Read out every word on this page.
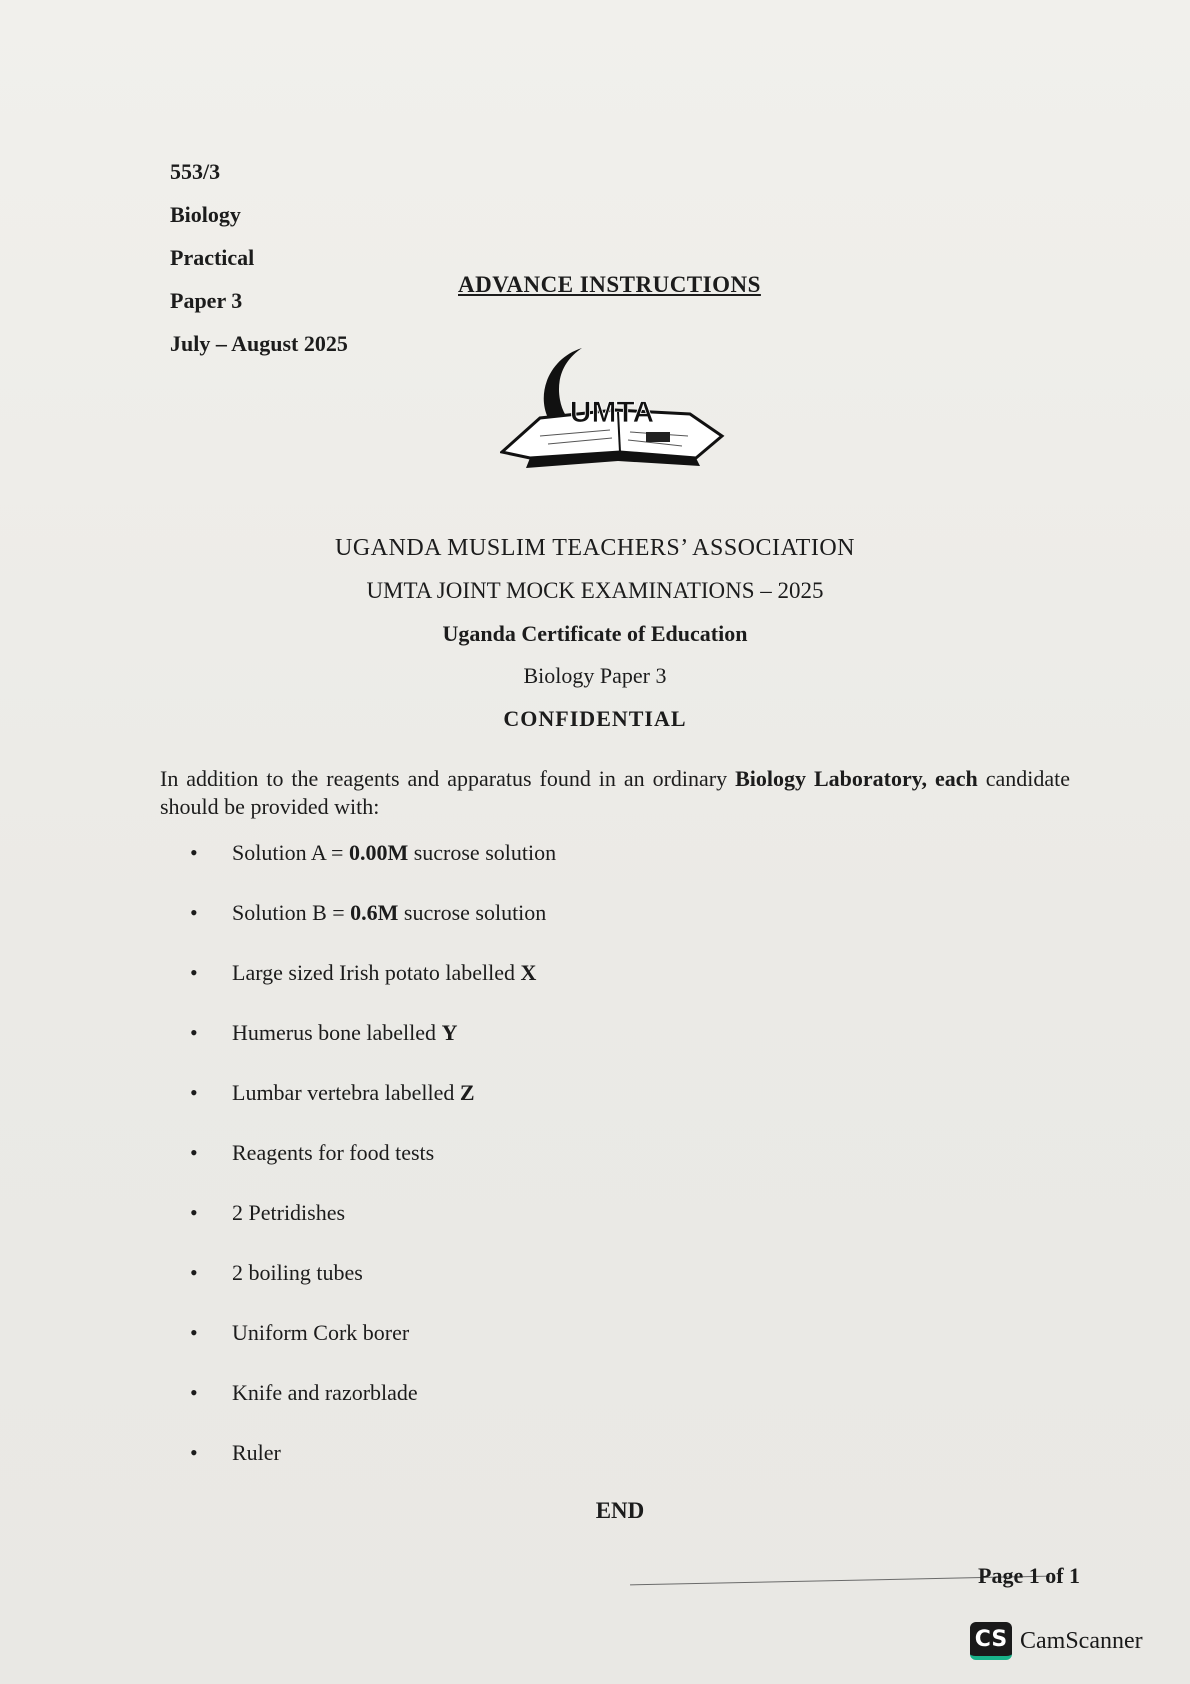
553/3
Biology
Practical
Paper 3
July – August 2025
ADVANCE INSTRUCTIONS
UMTA
UGANDA MUSLIM TEACHERS’ ASSOCIATION
UMTA JOINT MOCK EXAMINATIONS – 2025
Uganda Certificate of Education
Biology Paper 3
CONFIDENTIAL
In addition to the reagents and apparatus found in an ordinary Biology Laboratory, each candidate should be provided with:
• Solution A = 0.00M sucrose solution
• Solution B = 0.6M sucrose solution
• Large sized Irish potato labelled X
• Humerus bone labelled Y
• Lumbar vertebra labelled Z
• Reagents for food tests
• 2 Petridishes
• 2 boiling tubes
• Uniform Cork borer
• Knife and razorblade
• Ruler
END
Page 1 of 1
CS CamScanner
